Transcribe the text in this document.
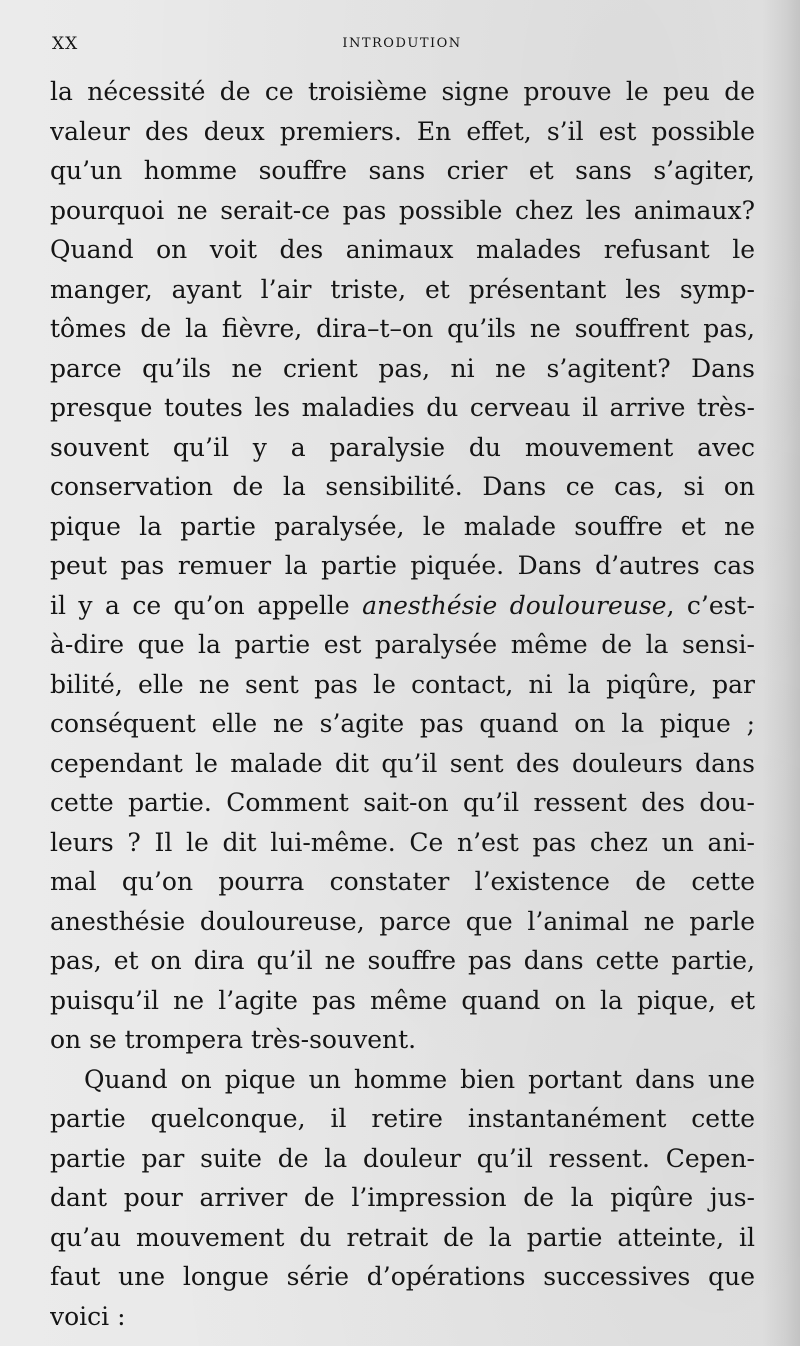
XX	INTRODUTION
la nécessité de ce troisième signe prouve le peu de
valeur des deux premiers. En effet, s’il est possible
qu’un homme souffre sans crier et sans s’agiter,
pourquoi ne serait-ce pas possible chez les animaux?
Quand on voit des animaux malades refusant le
manger, ayant l’air triste, et présentant les symp-
tômes de la fièvre, dira–t–on qu’ils ne souffrent pas,
parce qu’ils ne crient pas, ni ne s’agitent? Dans
presque toutes les maladies du cerveau il arrive très-
souvent qu’il y a paralysie du mouvement avec
conservation de la sensibilité. Dans ce cas, si on
pique la partie paralysée, le malade souffre et ne
peut pas remuer la partie piquée. Dans d’autres cas
il y a ce qu’on appelle anesthésie douloureuse, c’est-
à-dire que la partie est paralysée même de la sensi-
bilité, elle ne sent pas le contact, ni la piqûre, par
conséquent elle ne s’agite pas quand on la pique ;
cependant le malade dit qu’il sent des douleurs dans
cette partie. Comment sait-on qu’il ressent des dou-
leurs ? Il le dit lui-même. Ce n’est pas chez un ani-
mal qu’on pourra constater l’existence de cette
anesthésie douloureuse, parce que l’animal ne parle
pas, et on dira qu’il ne souffre pas dans cette partie,
puisqu’il ne l’agite pas même quand on la pique, et
on se trompera très-souvent.
Quand on pique un homme bien portant dans une
partie quelconque, il retire instantanément cette
partie par suite de la douleur qu’il ressent. Cepen-
dant pour arriver de l’impression de la piqûre jus-
qu’au mouvement du retrait de la partie atteinte, il
faut une longue série d’opérations successives que
voici :
